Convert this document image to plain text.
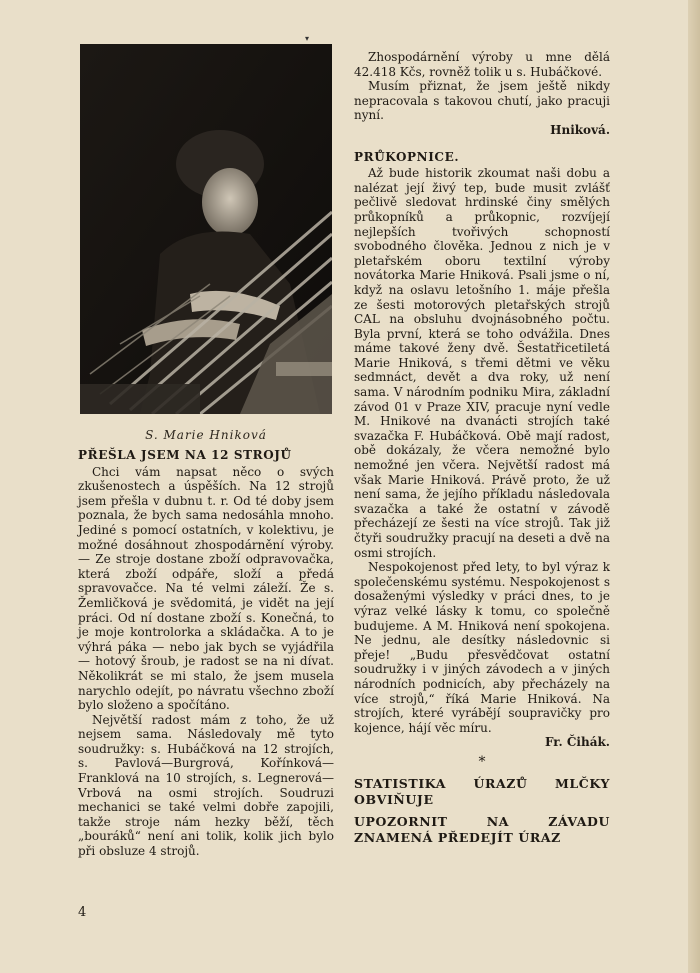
▾
S. Marie Hniková
PŘEŠLA JSEM NA 12 STROJŮ

Chci vám napsat něco o svých zkušenostech a úspěších. Na 12 strojů jsem přešla v dubnu t. r. Od té doby jsem poznala, že bych sama nedosáhla mnoho. Jediné s pomocí ostatních, v kolektivu, je možné dosáhnout zhospodárnění výroby. — Ze stroje dostane zboží odpravovačka, která zboží odpáře, složí a předá spravovačce. Na té velmi záleží. Že s. Žemličková je svědomitá, je vidět na její práci. Od ní dostane zboží s. Konečná, to je moje kontrolorka a skládačka. A to je výhrá páka — nebo jak bych se vyjádřila — hotový šroub, je radost se na ni dívat. Několikrát se mi stalo, že jsem musela narychlo odejít, po návratu všechno zboží bylo složeno a spočítáno.

Největší radost mám z toho, že už nejsem sama. Následovaly mě tyto soudružky: s. Hubáčková na 12 strojích, s. Pavlová—Burgrová, Kořínková—Franklová na 10 strojích, s. Legnerová—Vrbová na osmi strojích. Soudruzi mechanici se také velmi dobře zapojili, takže stroje nám hezky běží, těch „bouráků“ není ani tolik, kolik jich bylo při obsluze 4 strojů.

Zhospodárnění výroby u mne dělá 42.418 Kčs, rovněž tolik u s. Hubáčkové.

Musím přiznat, že jsem ještě nikdy nepracovala s takovou chutí, jako pracuji nyní.

Hniková.

PRŮKOPNICE.

Až bude historik zkoumat naši dobu a nalézat její živý tep, bude musit zvlášť pečlivě sledovat hrdinské činy smělých průkopníků a průkopnic, rozvíjejí nejlepších tvořivých schopností svobodného člověka. Jednou z nich je v pletařském oboru textilní výroby novátorka Marie Hniková. Psali jsme o ní, když na oslavu letošního 1. máje přešla ze šesti motorových pletařských strojů CAL na obsluhu dvojnásobného počtu. Byla první, která se toho odvážila. Dnes máme takové ženy dvě. Šestatřicetiletá Marie Hniková, s třemi dětmi ve věku sedmnáct, devět a dva roky, už není sama. V národním podniku Mira, základní závod 01 v Praze XIV, pracuje nyní vedle M. Hnikové na dvanácti strojích také svazačka F. Hubáčková. Obě mají radost, obě dokázaly, že včera nemožné bylo nemožné jen včera. Největší radost má však Marie Hniková. Právě proto, že už není sama, že jejího příkladu následovala svazačka a také že ostatní v závodě přecházejí ze šesti na více strojů. Tak již čtyři soudružky pracují na deseti a dvě na osmi strojích.

Nespokojenost před lety, to byl výraz k společenskému systému. Nespokojenost s dosaženými výsledky v práci dnes, to je výraz velké lásky k tomu, co společně budujeme. A M. Hniková není spokojena. Ne jednu, ale desítky následovnic si přeje! „Budu přesvědčovat ostatní soudružky i v jiných závodech a v jiných národních podnicích, aby přecházely na více strojů,“ říká Marie Hniková. Na strojích, které vyrábějí soupravičky pro kojence, hájí věc míru.

Fr. Čihák.

*
STATISTIKA ÚRAZŮ MLČKY OBVIŇUJE
UPOZORNIT NA ZÁVADU ZNAMENÁ PŘEDEJÍT ÚRAZ
4
